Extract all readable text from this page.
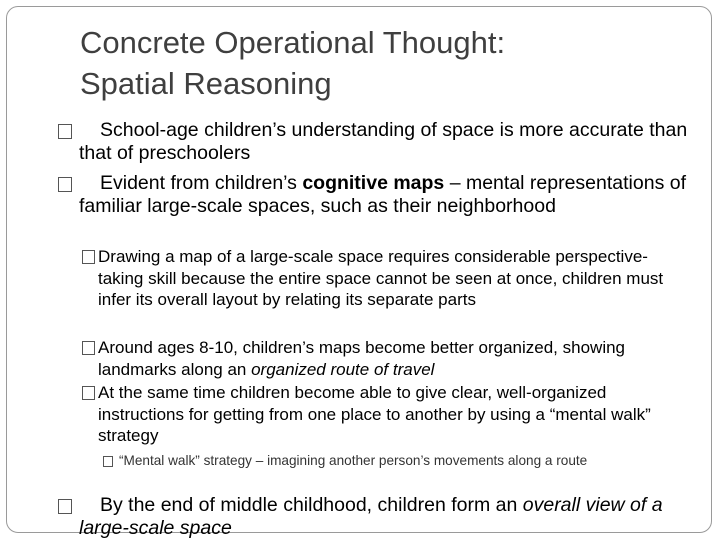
Concrete Operational Thought:
Spatial Reasoning
School-age children’s understanding of space is more accurate than that of preschoolers
Evident from children’s cognitive maps – mental representations of familiar large-scale spaces, such as their neighborhood
Drawing a map of a large-scale space requires considerable perspective-taking skill because the entire space cannot be seen at once, children must infer its overall layout by relating its separate parts
Around ages 8-10, children’s maps become better organized, showing landmarks along an organized route of travel
At the same time children become able to give clear, well-organized instructions for getting from one place to another by using a “mental walk” strategy
“Mental walk” strategy – imagining another person’s movements along a route
By the end of middle childhood, children form an overall view of a large-scale space
